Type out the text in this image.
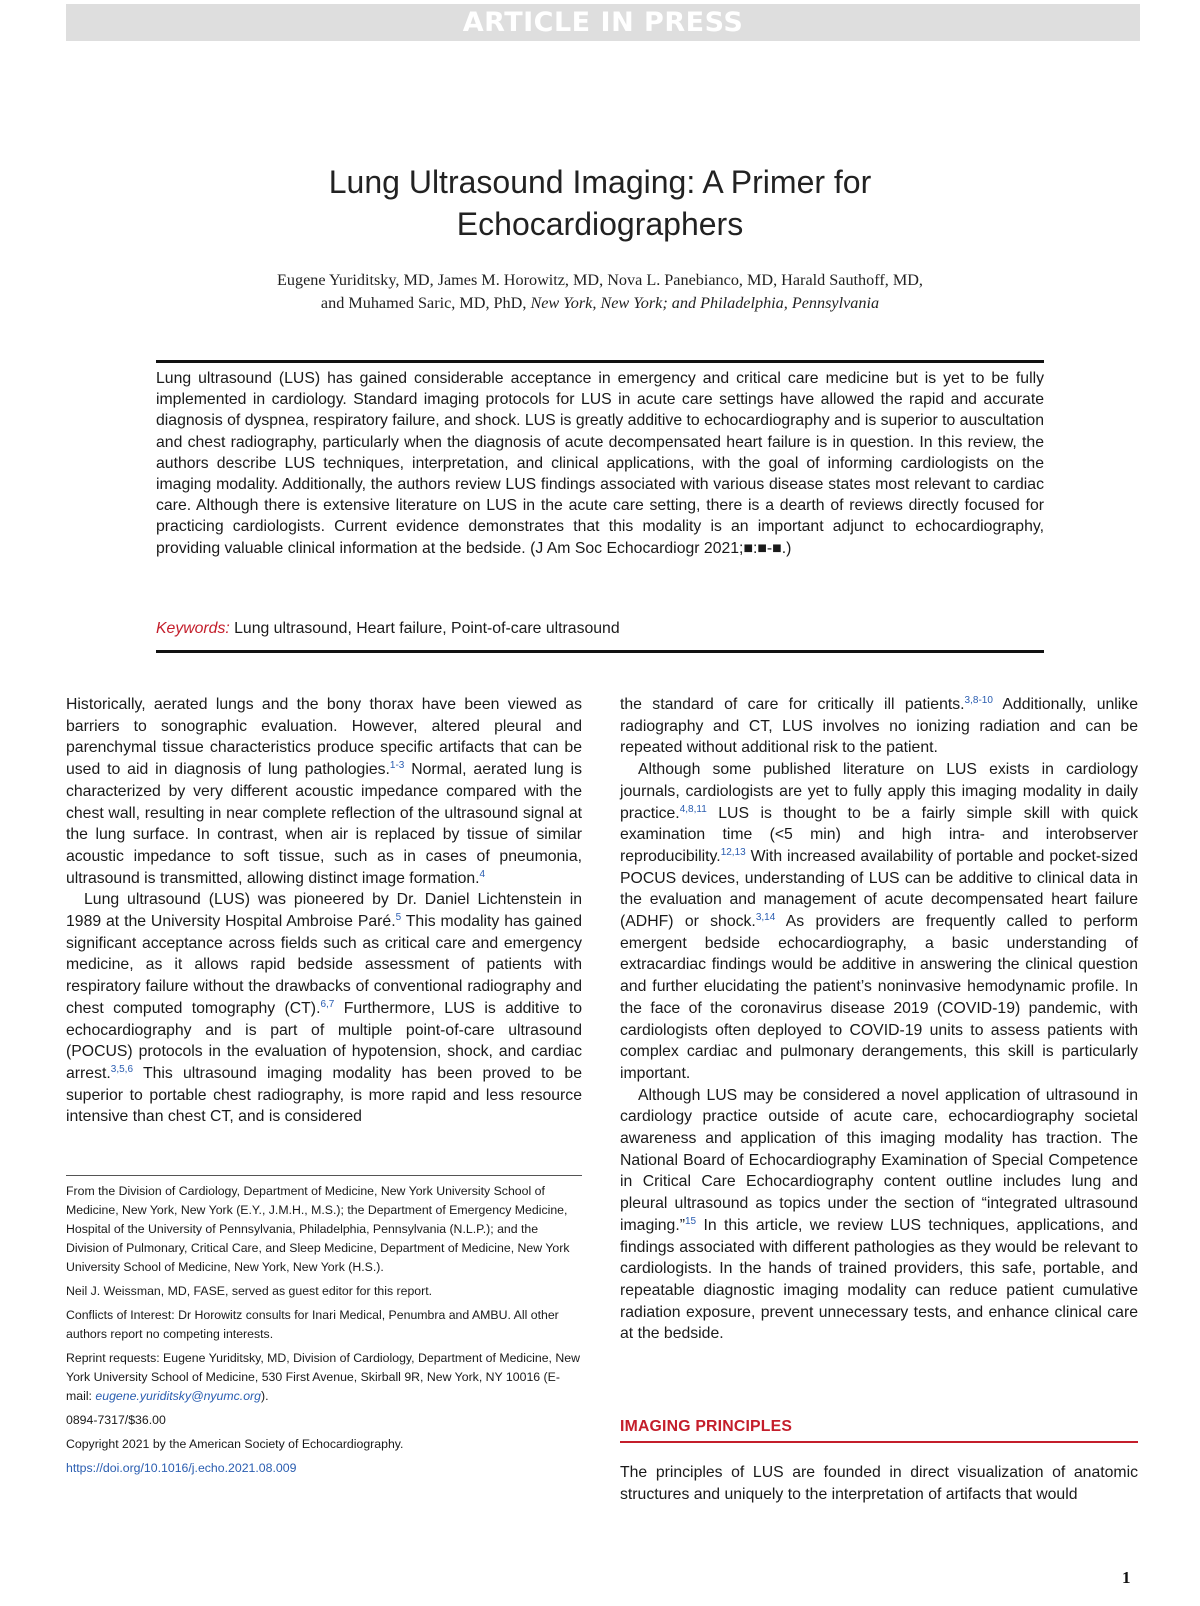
ARTICLE IN PRESS
Lung Ultrasound Imaging: A Primer for
Echocardiographers
Eugene Yuriditsky, MD, James M. Horowitz, MD, Nova L. Panebianco, MD, Harald Sauthoff, MD,
and Muhamed Saric, MD, PhD, New York, New York; and Philadelphia, Pennsylvania
Lung ultrasound (LUS) has gained considerable acceptance in emergency and critical care medicine but is yet to be fully implemented in cardiology. Standard imaging protocols for LUS in acute care settings have allowed the rapid and accurate diagnosis of dyspnea, respiratory failure, and shock. LUS is greatly additive to echocardiography and is superior to auscultation and chest radiography, particularly when the diagnosis of acute decompensated heart failure is in question. In this review, the authors describe LUS techniques, interpretation, and clinical applications, with the goal of informing cardiologists on the imaging modality. Additionally, the authors review LUS findings associated with various disease states most relevant to cardiac care. Although there is extensive literature on LUS in the acute care setting, there is a dearth of reviews directly focused for practicing cardiologists. Current evidence demonstrates that this modality is an important adjunct to echocardiography, providing valuable clinical information at the bedside. (J Am Soc Echocardiogr 2021;■:■-■.)
Keywords: Lung ultrasound, Heart failure, Point-of-care ultrasound

Historically, aerated lungs and the bony thorax have been viewed as barriers to sonographic evaluation. However, altered pleural and parenchymal tissue characteristics produce specific artifacts that can be used to aid in diagnosis of lung pathologies.$^{1-3}$ Normal, aerated lung is characterized by very different acoustic impedance compared with the chest wall, resulting in near complete reflection of the ultrasound signal at the lung surface. In contrast, when air is replaced by tissue of similar acoustic impedance to soft tissue, such as in cases of pneumonia, ultrasound is transmitted, allowing distinct image formation.$^4$

Lung ultrasound (LUS) was pioneered by Dr. Daniel Lichtenstein in 1989 at the University Hospital Ambroise Paré.$^5$ This modality has gained significant acceptance across fields such as critical care and emergency medicine, as it allows rapid bedside assessment of patients with respiratory failure without the drawbacks of conventional radiography and chest computed tomography (CT).$^{6,7}$ Furthermore, LUS is additive to echocardiography and is part of multiple point-of-care ultrasound (POCUS) protocols in the evaluation of hypotension, shock, and cardiac arrest.$^{3,5,6}$ This ultrasound imaging modality has been proved to be superior to portable chest radiography, is more rapid and less resource intensive than chest CT, and is considered

From the Division of Cardiology, Department of Medicine, New York University School of Medicine, New York, New York (E.Y., J.M.H., M.S.); the Department of Emergency Medicine, Hospital of the University of Pennsylvania, Philadelphia, Pennsylvania (N.L.P.); and the Division of Pulmonary, Critical Care, and Sleep Medicine, Department of Medicine, New York University School of Medicine, New York, New York (H.S.).

Neil J. Weissman, MD, FASE, served as guest editor for this report.

Conflicts of Interest: Dr Horowitz consults for Inari Medical, Penumbra and AMBU. All other authors report no competing interests.

Reprint requests: Eugene Yuriditsky, MD, Division of Cardiology, Department of Medicine, New York University School of Medicine, 530 First Avenue, Skirball 9R, New York, NY 10016 (E-mail: eugene.yuriditsky@nyumc.org).

0894-7317/$36.00

Copyright 2021 by the American Society of Echocardiography.

https://doi.org/10.1016/j.echo.2021.08.009

the standard of care for critically ill patients.$^{3,8-10}$ Additionally, unlike radiography and CT, LUS involves no ionizing radiation and can be repeated without additional risk to the patient.

Although some published literature on LUS exists in cardiology journals, cardiologists are yet to fully apply this imaging modality in daily practice.$^{4,8,11}$ LUS is thought to be a fairly simple skill with quick examination time (<5 min) and high intra- and interobserver reproducibility.$^{12,13}$ With increased availability of portable and pocket-sized POCUS devices, understanding of LUS can be additive to clinical data in the evaluation and management of acute decompensated heart failure (ADHF) or shock.$^{3,14}$ As providers are frequently called to perform emergent bedside echocardiography, a basic understanding of extracardiac findings would be additive in answering the clinical question and further elucidating the patient’s noninvasive hemodynamic profile. In the face of the coronavirus disease 2019 (COVID-19) pandemic, with cardiologists often deployed to COVID-19 units to assess patients with complex cardiac and pulmonary derangements, this skill is particularly important.

Although LUS may be considered a novel application of ultrasound in cardiology practice outside of acute care, echocardiography societal awareness and application of this imaging modality has traction. The National Board of Echocardiography Examination of Special Competence in Critical Care Echocardiography content outline includes lung and pleural ultrasound as topics under the section of “integrated ultrasound imaging.”$^{15}$ In this article, we review LUS techniques, applications, and findings associated with different pathologies as they would be relevant to cardiologists. In the hands of trained providers, this safe, portable, and repeatable diagnostic imaging modality can reduce patient cumulative radiation exposure, prevent unnecessary tests, and enhance clinical care at the bedside.

IMAGING PRINCIPLES

The principles of LUS are founded in direct visualization of anatomic structures and uniquely to the interpretation of artifacts that would

1
